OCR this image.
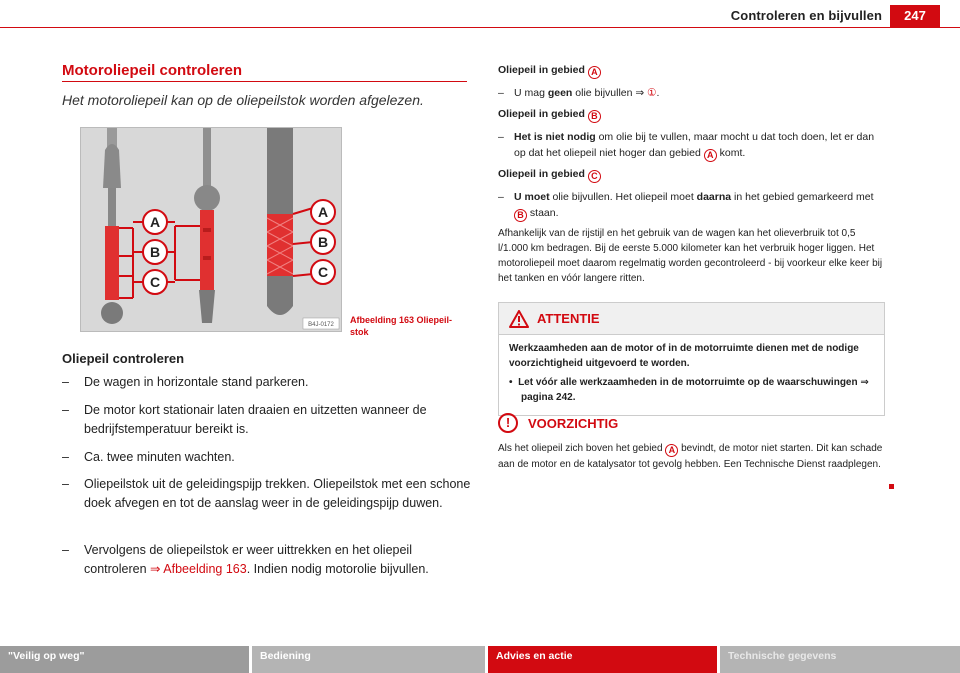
Controleren en bijvullen	247
Motoroliepeil controleren
Het motoroliepeil kan op de oliepeilstok worden afgelezen.
A
B
C
A
B
C
B4J-0172 Afbeelding 163 Oliepeil-stok
Oliepeil controleren
– De wagen in horizontale stand parkeren.
– De motor kort stationair laten draaien en uitzetten wanneer de bedrijfstemperatuur bereikt is.
– Ca. twee minuten wachten.
– Oliepeilstok uit de geleidingspijp trekken. Oliepeilstok met een schone doek afvegen en tot de aanslag weer in de geleidingspijp duwen.
– Vervolgens de oliepeilstok er weer uittrekken en het oliepeil controleren ⇒ Afbeelding 163. Indien nodig motorolie bijvullen.
Oliepeil in gebied A
– U mag geen olie bijvullen ⇒ ①.
Oliepeil in gebied B
– Het is niet nodig om olie bij te vullen, maar mocht u dat toch doen, let er dan op dat het oliepeil niet hoger dan gebied A komt.
Oliepeil in gebied C
– U moet olie bijvullen. Het oliepeil moet daarna in het gebied gemarkeerd met B staan.
Afhankelijk van de rijstijl en het gebruik van de wagen kan het olieverbruik tot 0,5 l/1.000 km bedragen. Bij de eerste 5.000 kilometer kan het verbruik hoger liggen. Het motoroliepeil moet daarom regelmatig worden gecontroleerd - bij voorkeur elke keer bij het tanken en vóór langere ritten.
ATTENTIE

Werkzaamheden aan de motor of in de motorruimte dienen met de nodige voorzichtigheid uitgevoerd te worden.

• Let vóór alle werkzaamheden in de motorruimte op de waarschuwingen ⇒ pagina 242.

!	VOORZICHTIG
Als het oliepeil zich boven het gebied A bevindt, de motor niet starten. Dit kan schade aan de motor en de katalysator tot gevolg hebben. Een Technische Dienst raadplegen.
"Veilig op weg"	Bediening	Advies en actie	Technische gegevens
